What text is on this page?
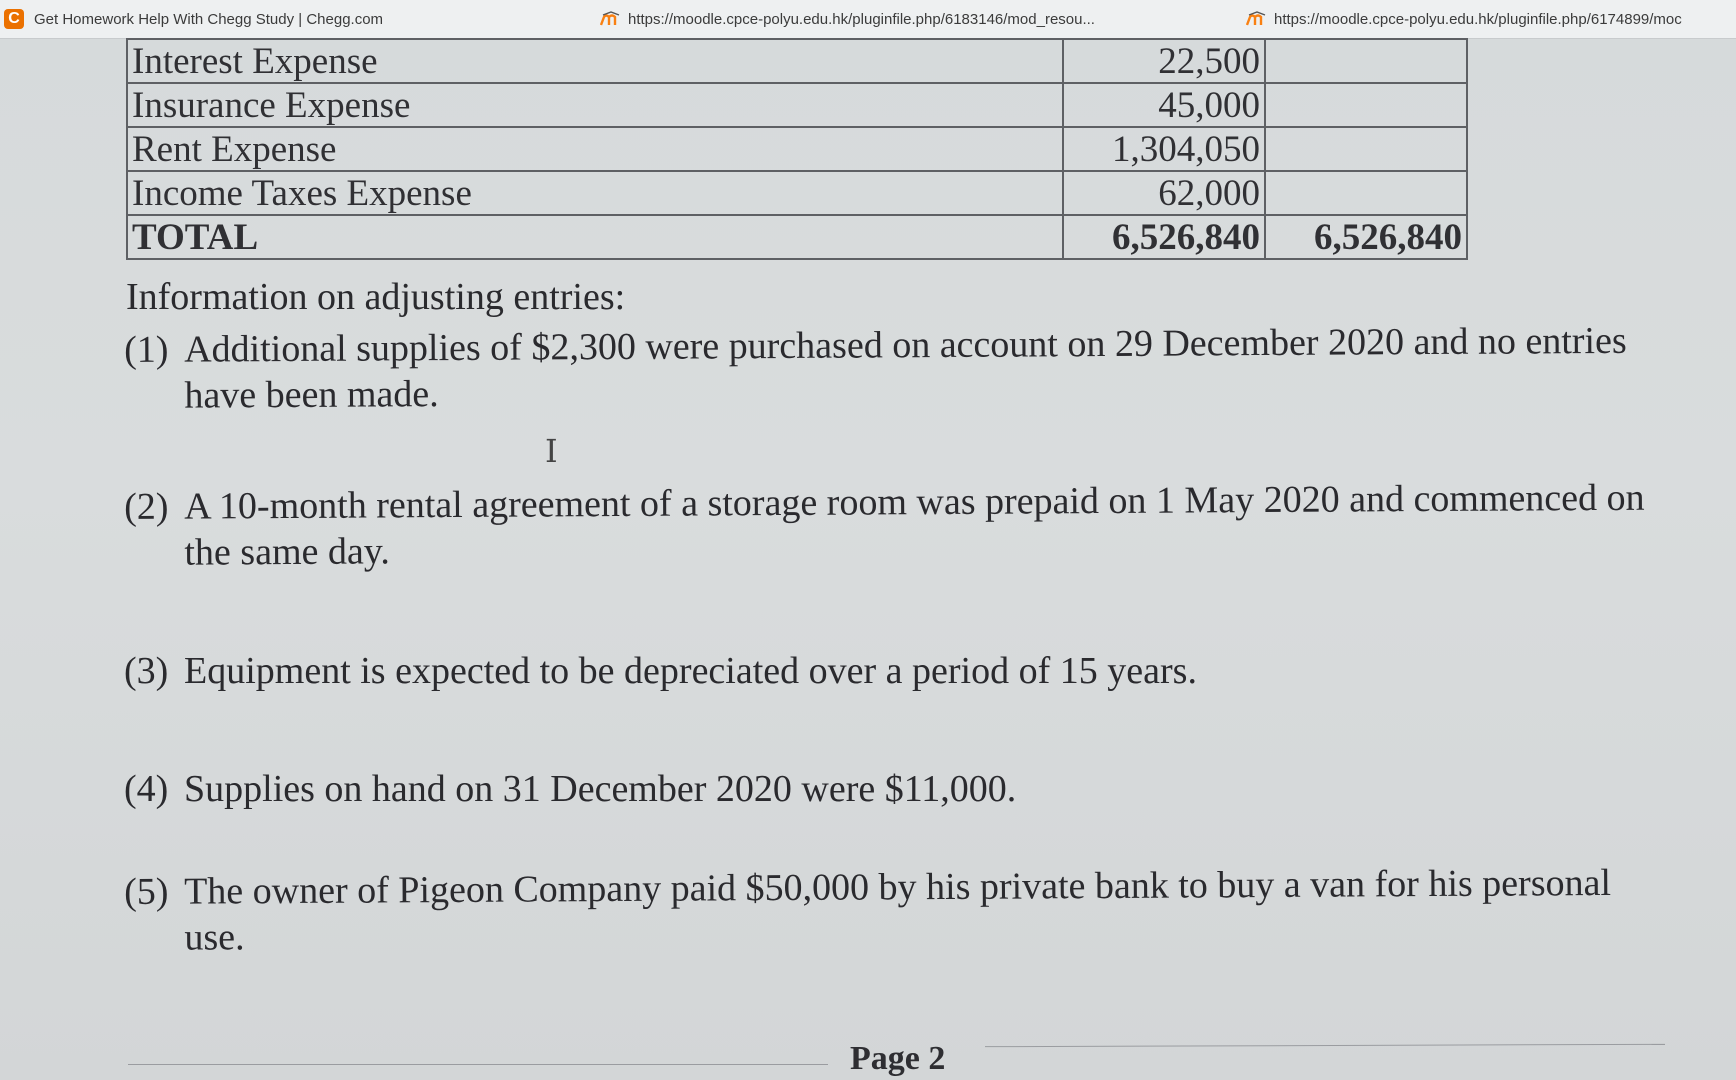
C Get Homework Help With Chegg Study | Chegg.com	https://moodle.cpce-polyu.edu.hk/pluginfile.php/6183146/mod_resou...	https://moodle.cpce-polyu.edu.hk/pluginfile.php/6174899/moc
Interest Expense	22,500	
Insurance Expense	45,000	
Rent Expense	1,304,050	
Income Taxes Expense	62,000	
TOTAL	6,526,840	6,526,840
Information on adjusting entries:
(1) Additional supplies of $2,300 were purchased on account on 29 December 2020 and no entries
have been made.
I
(2) A 10-month rental agreement of a storage room was prepaid on 1 May 2020 and commenced on
the same day.
(3) Equipment is expected to be depreciated over a period of 15 years.
(4) Supplies on hand on 31 December 2020 were $11,000.
(5) The owner of Pigeon Company paid $50,000 by his private bank to buy a van for his personal
use.
Page 2
